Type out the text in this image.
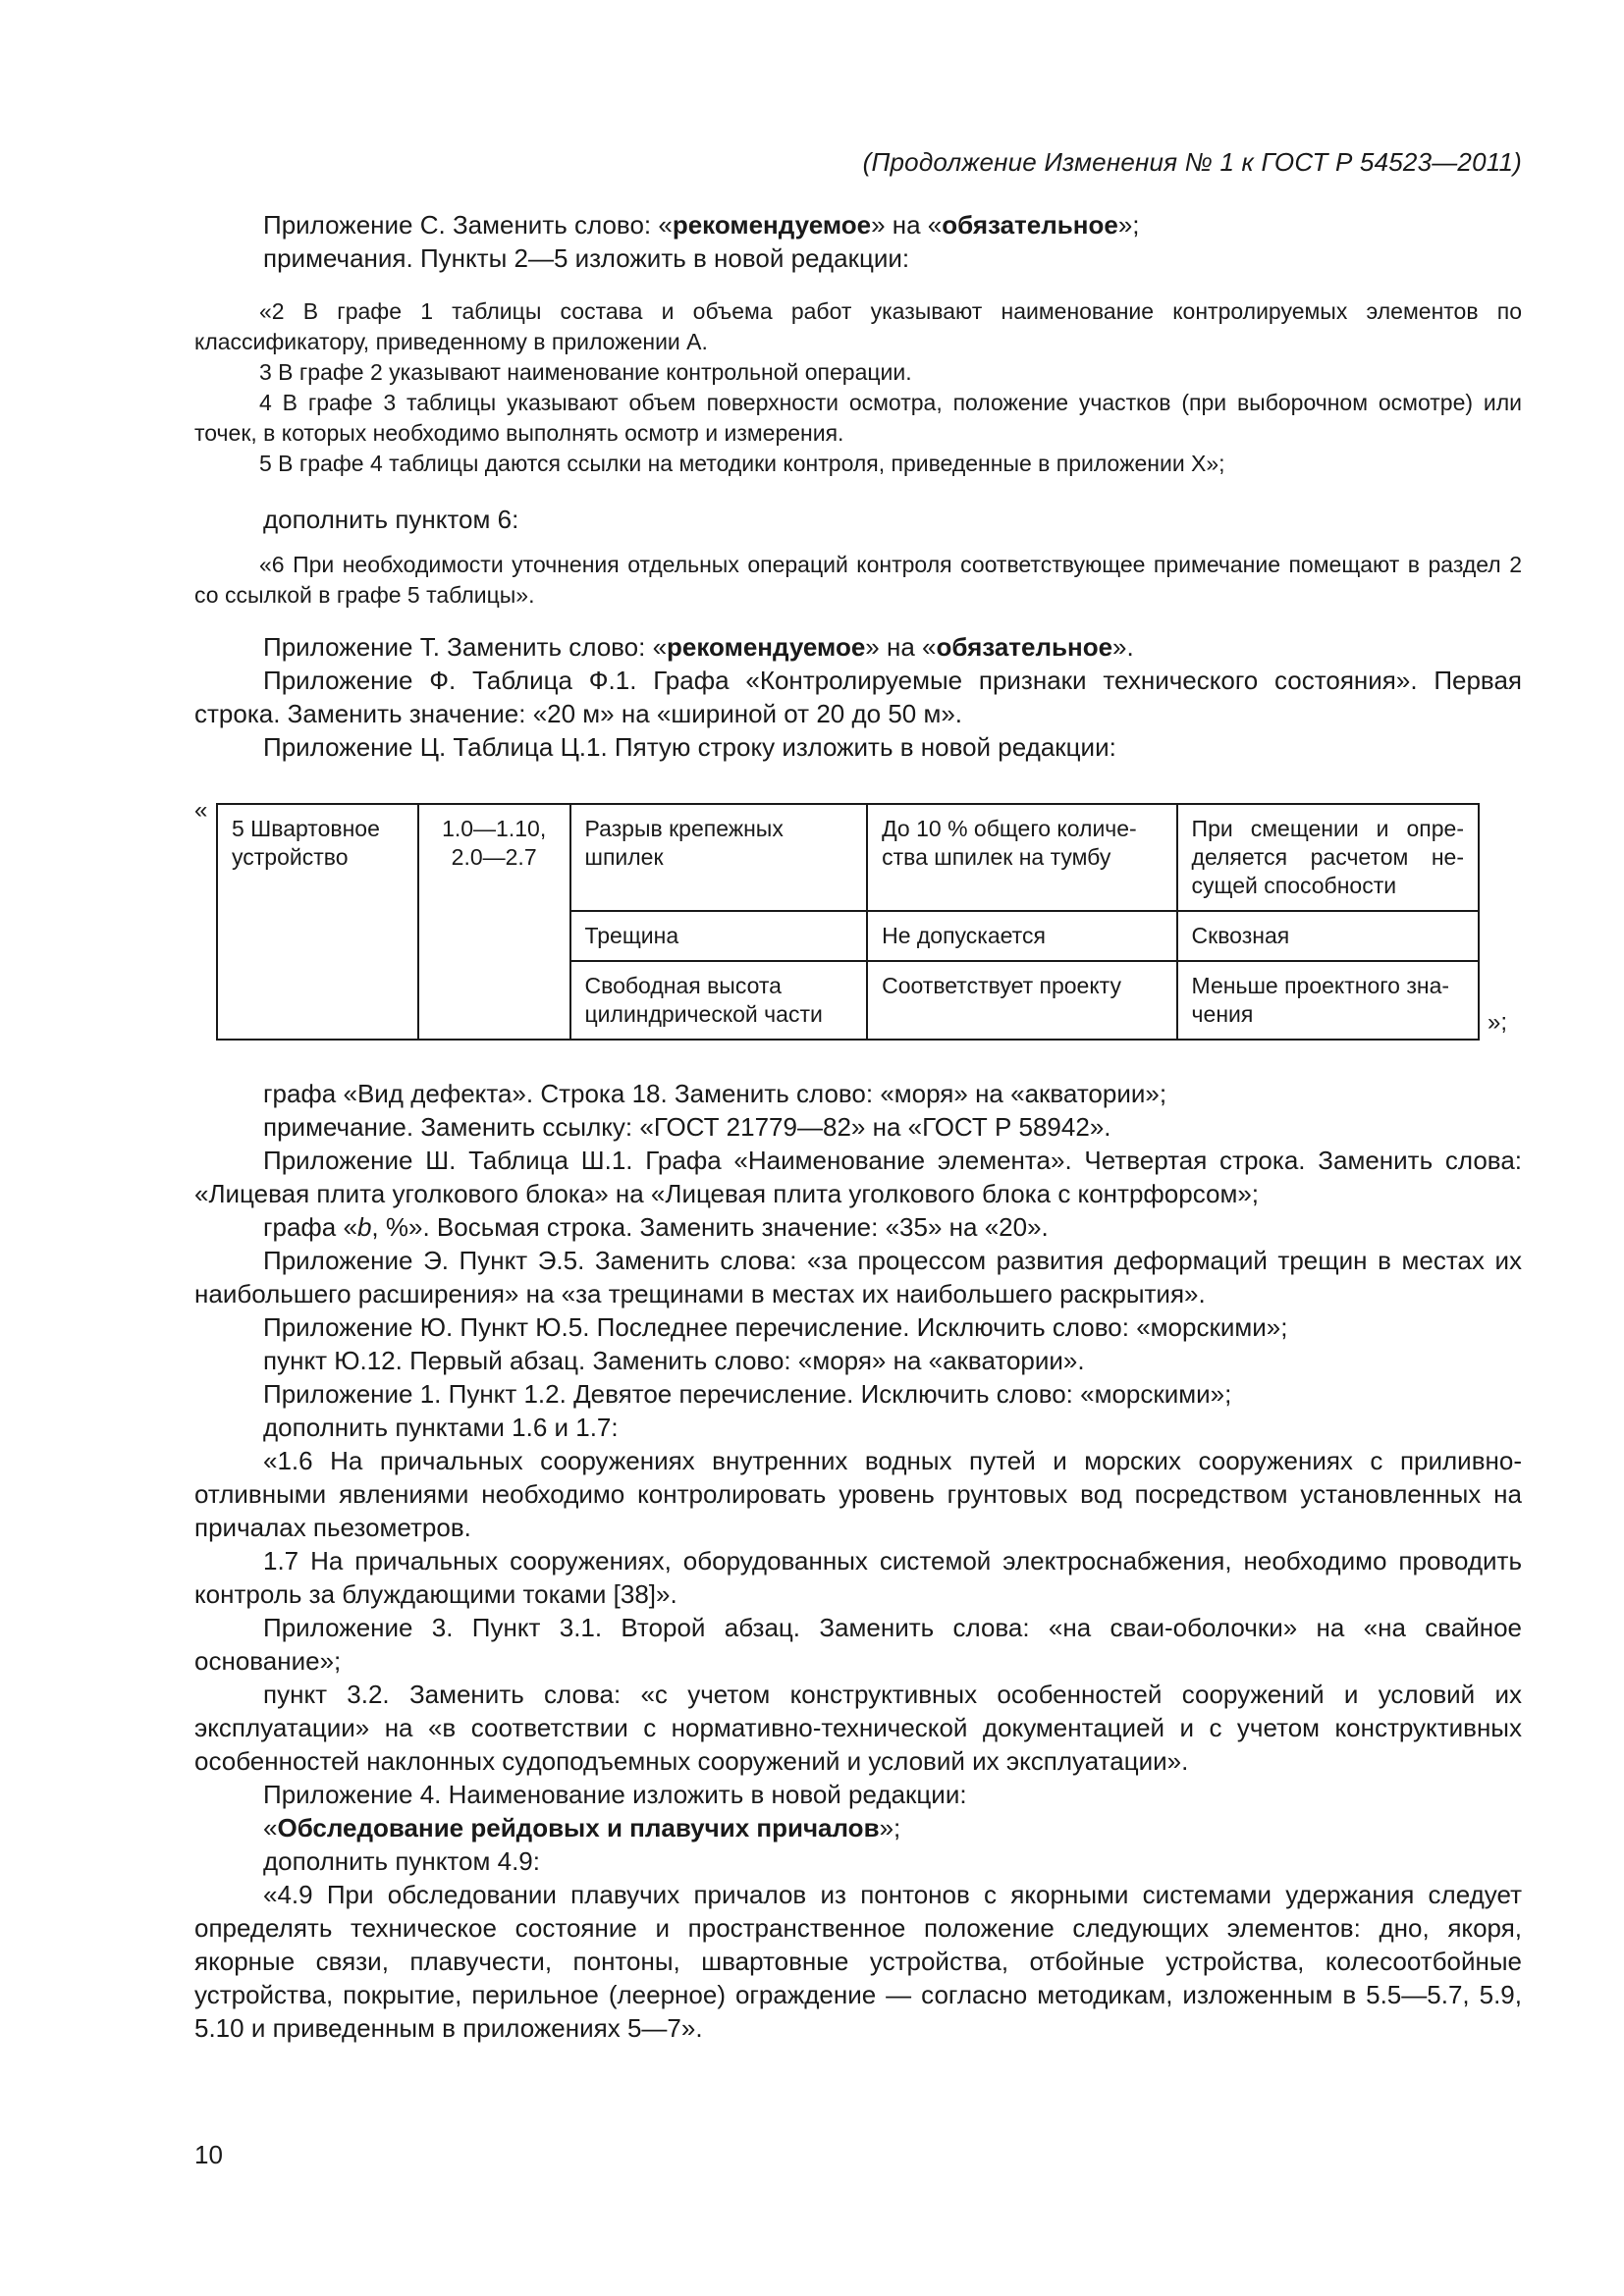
(Продолжение Изменения № 1 к ГОСТ Р 54523—2011)

Приложение С. Заменить слово: «рекомендуемое» на «обязательное»;

примечания. Пункты 2—5 изложить в новой редакции:

«2 В графе 1 таблицы состава и объема работ указывают наименование контролируемых элементов по классификатору, приведенному в приложении А.

3 В графе 2 указывают наименование контрольной операции.

4 В графе 3 таблицы указывают объем поверхности осмотра, положение участков (при выборочном осмотре) или точек, в которых необходимо выполнять осмотр и измерения.

5 В графе 4 таблицы даются ссылки на методики контроля, приведенные в приложении Х»;

дополнить пунктом 6:

«6 При необходимости уточнения отдельных операций контроля соответствующее примечание помещают в раздел 2 со ссылкой в графе 5 таблицы».

Приложение Т. Заменить слово: «рекомендуемое» на «обязательное».

Приложение Ф. Таблица Ф.1. Графа «Контролируемые признаки технического состояния». Первая строка. Заменить значение: «20 м» на «шириной от 20 до 50 м».

Приложение Ц. Таблица Ц.1. Пятую строку изложить в новой редакции:

«
5 Швартовное устройство	1.0—1.10, 2.0—2.7	Разрыв крепежных шпилек	До 10 % общего количе-ства шпилек на тумбу	При смещении и опре-деляется расчетом не-сущей способности
		Трещина	Не допускается	Сквозная
		Свободная высота цилиндрической части	Соответствует проекту	Меньше проектного зна-чения	»;

графа «Вид дефекта». Строка 18. Заменить слово: «моря» на «акватории»;

примечание. Заменить ссылку: «ГОСТ 21779—82» на «ГОСТ Р 58942».

Приложение Ш. Таблица Ш.1. Графа «Наименование элемента». Четвертая строка. Заменить слова: «Лицевая плита уголкового блока» на «Лицевая плита уголкового блока с контрфорсом»;

графа «b, %». Восьмая строка. Заменить значение: «35» на «20».

Приложение Э. Пункт Э.5. Заменить слова: «за процессом развития деформаций трещин в местах их наибольшего расширения» на «за трещинами в местах их наибольшего раскрытия».

Приложение Ю. Пункт Ю.5. Последнее перечисление. Исключить слово: «морскими»;

пункт Ю.12. Первый абзац. Заменить слово: «моря» на «акватории».

Приложение 1. Пункт 1.2. Девятое перечисление. Исключить слово: «морскими»;

дополнить пунктами 1.6 и 1.7:

«1.6 На причальных сооружениях внутренних водных путей и морских сооружениях с приливно-отливными явлениями необходимо контролировать уровень грунтовых вод посредством установленных на причалах пьезометров.

1.7 На причальных сооружениях, оборудованных системой электроснабжения, необходимо проводить контроль за блуждающими токами [38]».

Приложение 3. Пункт 3.1. Второй абзац. Заменить слова: «на сваи-оболочки» на «на свайное основание»;

пункт 3.2. Заменить слова: «с учетом конструктивных особенностей сооружений и условий их эксплуатации» на «в соответствии с нормативно-технической документацией и с учетом конструктивных особенностей наклонных судоподъемных сооружений и условий их эксплуатации».

Приложение 4. Наименование изложить в новой редакции:

«Обследование рейдовых и плавучих причалов»;

дополнить пунктом 4.9:

«4.9 При обследовании плавучих причалов из понтонов с якорными системами удержания следует определять техническое состояние и пространственное положение следующих элементов: дно, якоря, якорные связи, плавучести, понтоны, швартовные устройства, отбойные устройства, колесоотбойные устройства, покрытие, перильное (леерное) ограждение — согласно методикам, изложенным в 5.5—5.7, 5.9, 5.10 и приведенным в приложениях 5—7».

10
